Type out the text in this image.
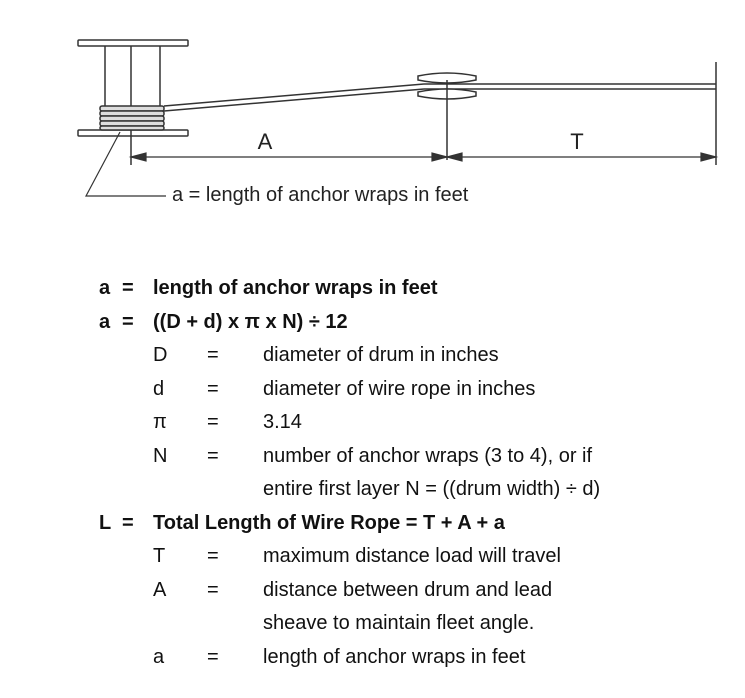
A	T
a = length of anchor wraps in feet
a = length of anchor wraps in feet
a = ((D + d) x π x N) ÷ 12
D = diameter of drum in inches
d = diameter of wire rope in inches
π = 3.14
N = number of anchor wraps (3 to 4), or if
entire first layer N = ((drum width) ÷ d)
L = Total Length of Wire Rope = T + A + a
T = maximum distance load will travel
A = distance between drum and lead
sheave to maintain fleet angle.
a = length of anchor wraps in feet
